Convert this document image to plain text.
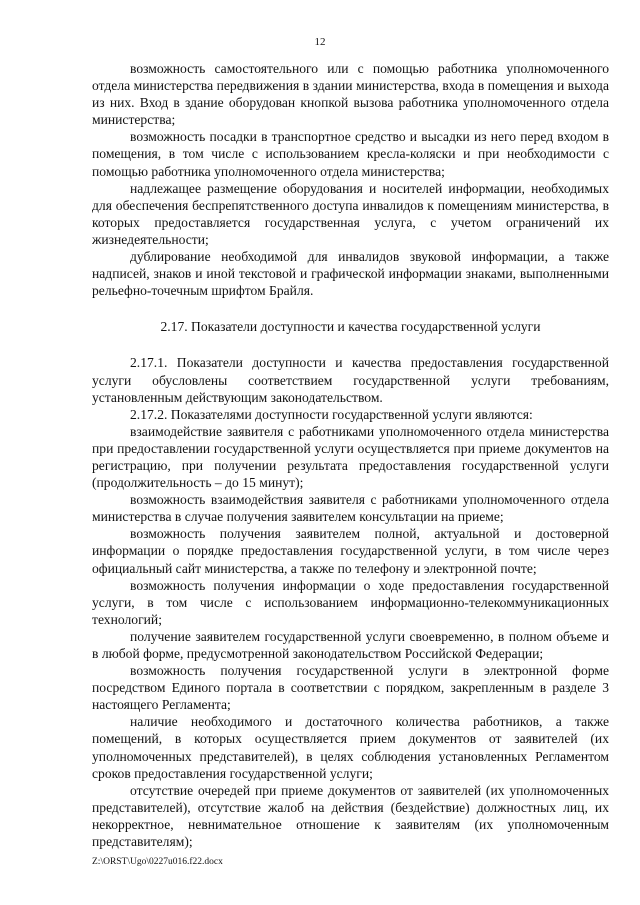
12

возможность самостоятельного или с помощью работника уполномоченного отдела министерства передвижения в здании министерства, входа в помещения и выхода из них. Вход в здание оборудован кнопкой вызова работника уполномоченного отдела министерства;

возможность посадки в транспортное средство и высадки из него перед входом в помещения, в том числе с использованием кресла-коляски и при необходимости с помощью работника уполномоченного отдела министерства;

надлежащее размещение оборудования и носителей информации, необходимых для обеспечения беспрепятственного доступа инвалидов к помещениям министерства, в которых предоставляется государственная услуга, с учетом ограничений их жизнедеятельности;

дублирование необходимой для инвалидов звуковой информации, а также надписей, знаков и иной текстовой и графической информации знаками, выполненными рельефно-точечным шрифтом Брайля.

2.17. Показатели доступности и качества государственной услуги

2.17.1. Показатели доступности и качества предоставления государственной услуги обусловлены соответствием государственной услуги требованиям, установленным действующим законодательством.

2.17.2. Показателями доступности государственной услуги являются:

взаимодействие заявителя с работниками уполномоченного отдела министерства при предоставлении государственной услуги осуществляется при приеме документов на регистрацию, при получении результата предоставления государственной услуги (продолжительность – до 15 минут);

возможность взаимодействия заявителя с работниками уполномоченного отдела министерства в случае получения заявителем консультации на приеме;

возможность получения заявителем полной, актуальной и достоверной информации о порядке предоставления государственной услуги, в том числе через официальный сайт министерства, а также по телефону и электронной почте;

возможность получения информации о ходе предоставления государственной услуги, в том числе с использованием информационно-телекоммуникационных технологий;

получение заявителем государственной услуги своевременно, в полном объеме и в любой форме, предусмотренной законодательством Российской Федерации;

возможность получения государственной услуги в электронной форме посредством Единого портала в соответствии с порядком, закрепленным в разделе 3 настоящего Регламента;

наличие необходимого и достаточного количества работников, а также помещений, в которых осуществляется прием документов от заявителей (их уполномоченных представителей), в целях соблюдения установленных Регламентом сроков предоставления государственной услуги;

отсутствие очередей при приеме документов от заявителей (их уполномоченных представителей), отсутствие жалоб на действия (бездействие) должностных лиц, их некорректное, невнимательное отношение к заявителям (их уполномоченным представителям);

Z:\ORST\Ugo\0227u016.f22.docx
